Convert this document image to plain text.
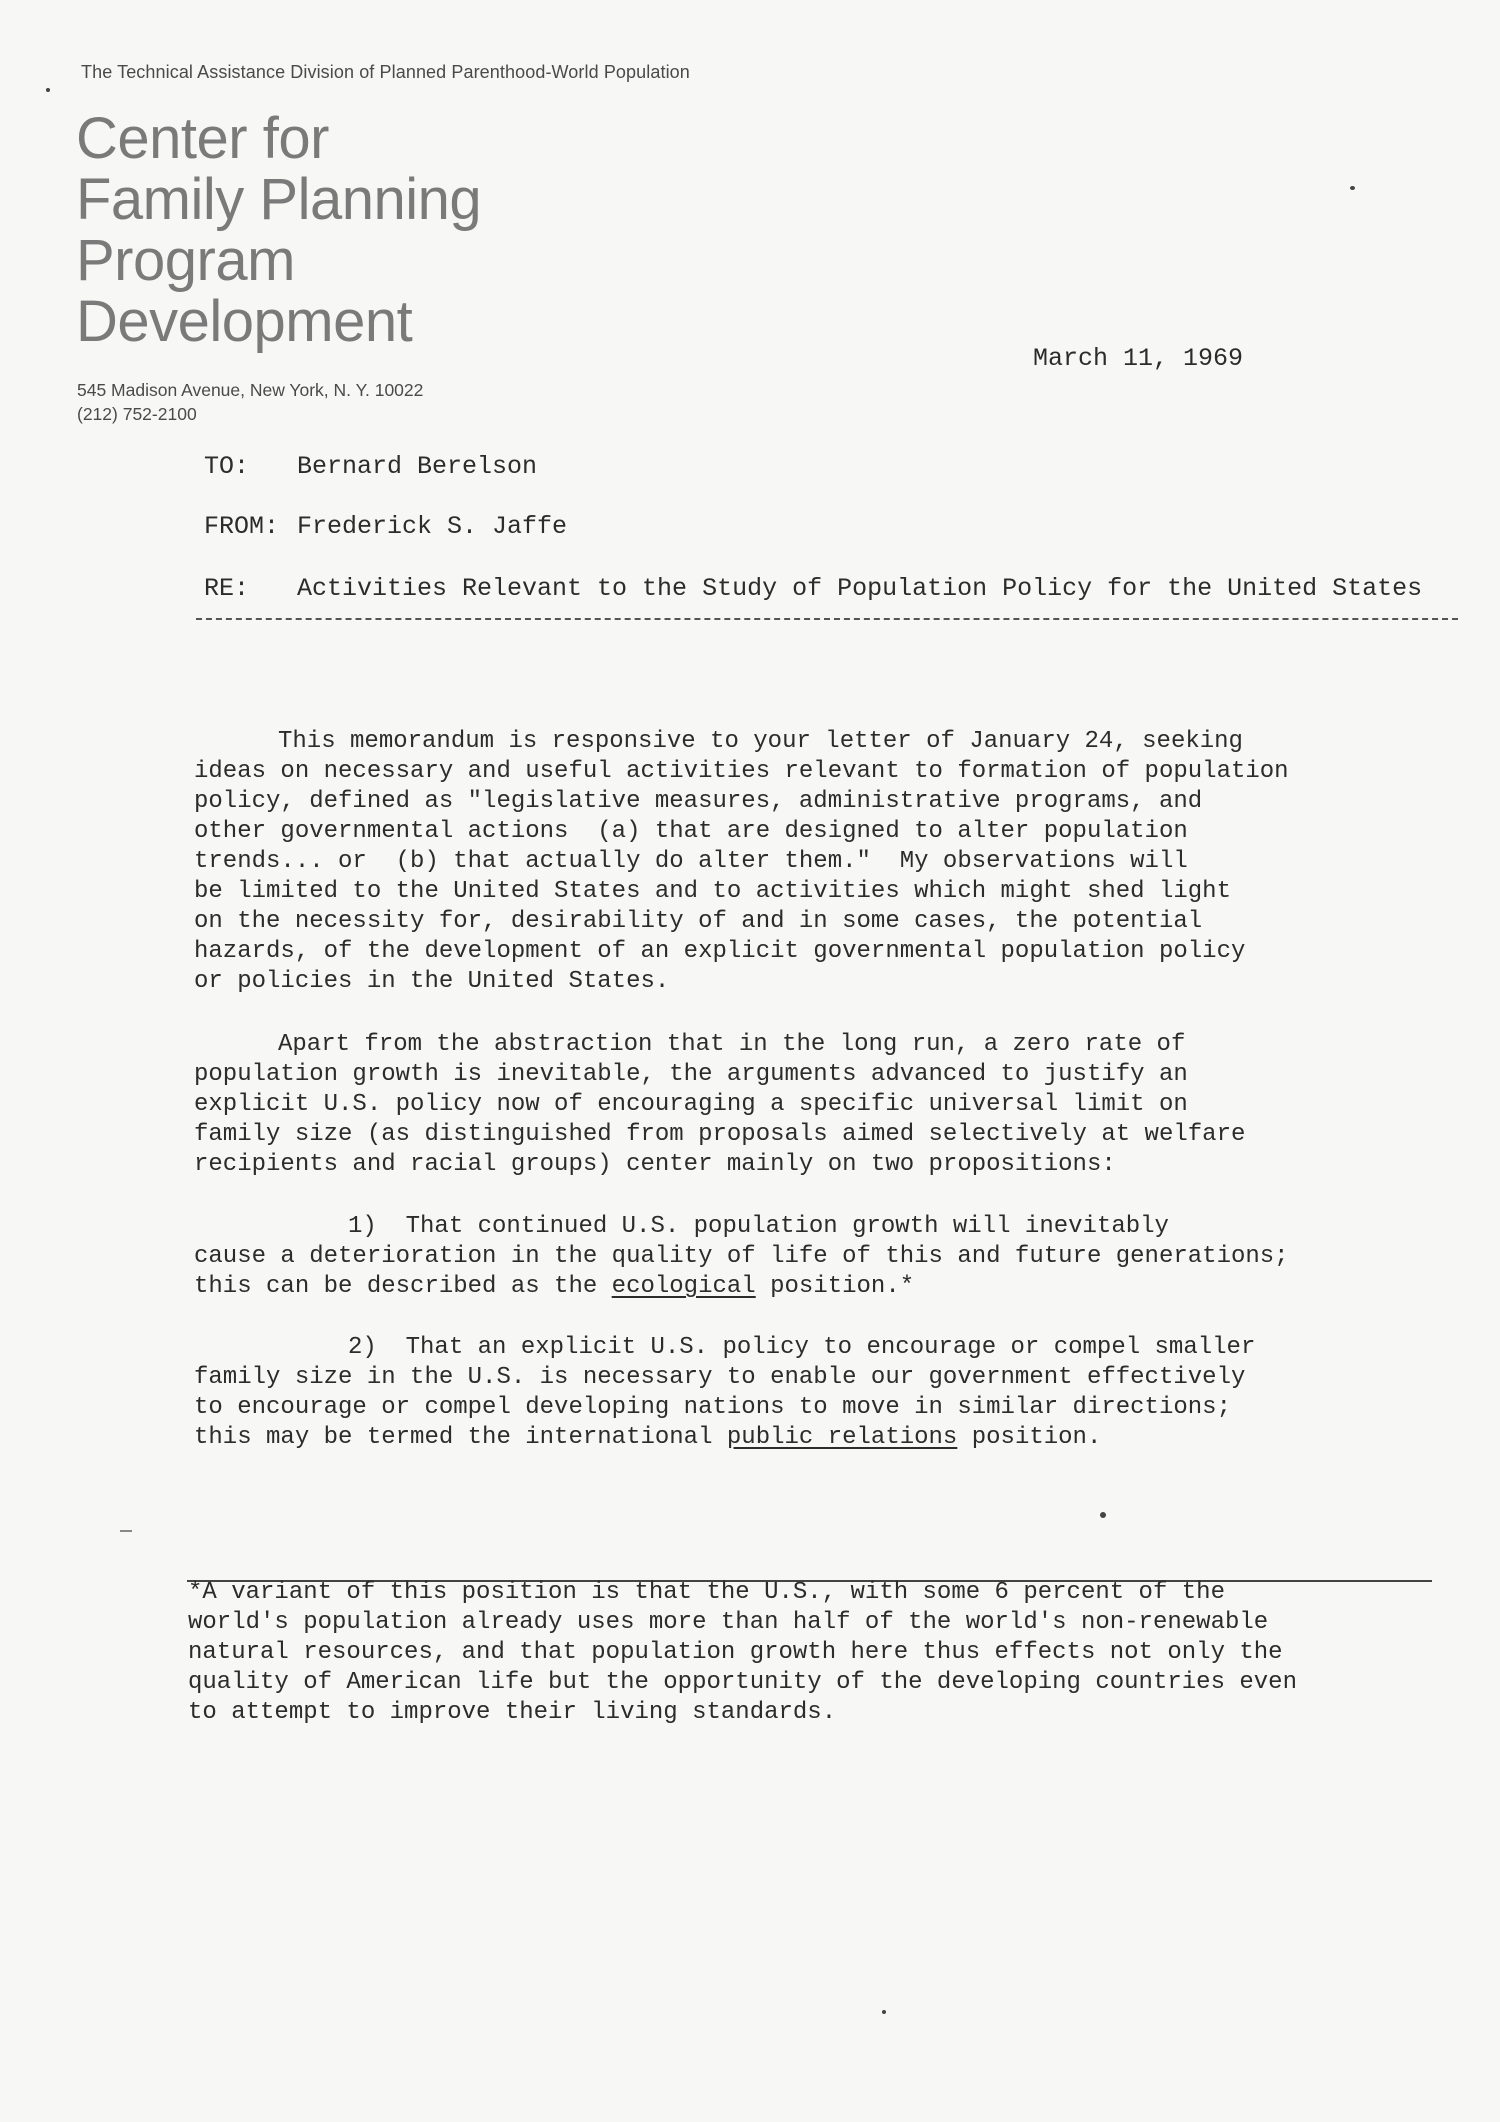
The Technical Assistance Division of Planned Parenthood-World Population
Center for
Family Planning
Program
Development
545 Madison Avenue, New York, N. Y. 10022
(212) 752-2100
March 11, 1969
TO: Bernard Berelson
FROM: Frederick S. Jaffe
RE: Activities Relevant to the Study of Population Policy for the United States
This memorandum is responsive to your letter of January 24, seeking
ideas on necessary and useful activities relevant to formation of population
policy, defined as "legislative measures, administrative programs, and
other governmental actions  (a) that are designed to alter population
trends... or  (b) that actually do alter them."  My observations will
be limited to the United States and to activities which might shed light
on the necessity for, desirability of and in some cases, the potential
hazards, of the development of an explicit governmental population policy
or policies in the United States.
Apart from the abstraction that in the long run, a zero rate of
population growth is inevitable, the arguments advanced to justify an
explicit U.S. policy now of encouraging a specific universal limit on
family size (as distinguished from proposals aimed selectively at welfare
recipients and racial groups) center mainly on two propositions:
1)  That continued U.S. population growth will inevitably
cause a deterioration in the quality of life of this and future generations;
this can be described as the ecological position.*
2)  That an explicit U.S. policy to encourage or compel smaller
family size in the U.S. is necessary to enable our government effectively
to encourage or compel developing nations to move in similar directions;
this may be termed the international public relations position.
*A variant of this position is that the U.S., with some 6 percent of the
world's population already uses more than half of the world's non-renewable
natural resources, and that population growth here thus effects not only the
quality of American life but the opportunity of the developing countries even
to attempt to improve their living standards.
